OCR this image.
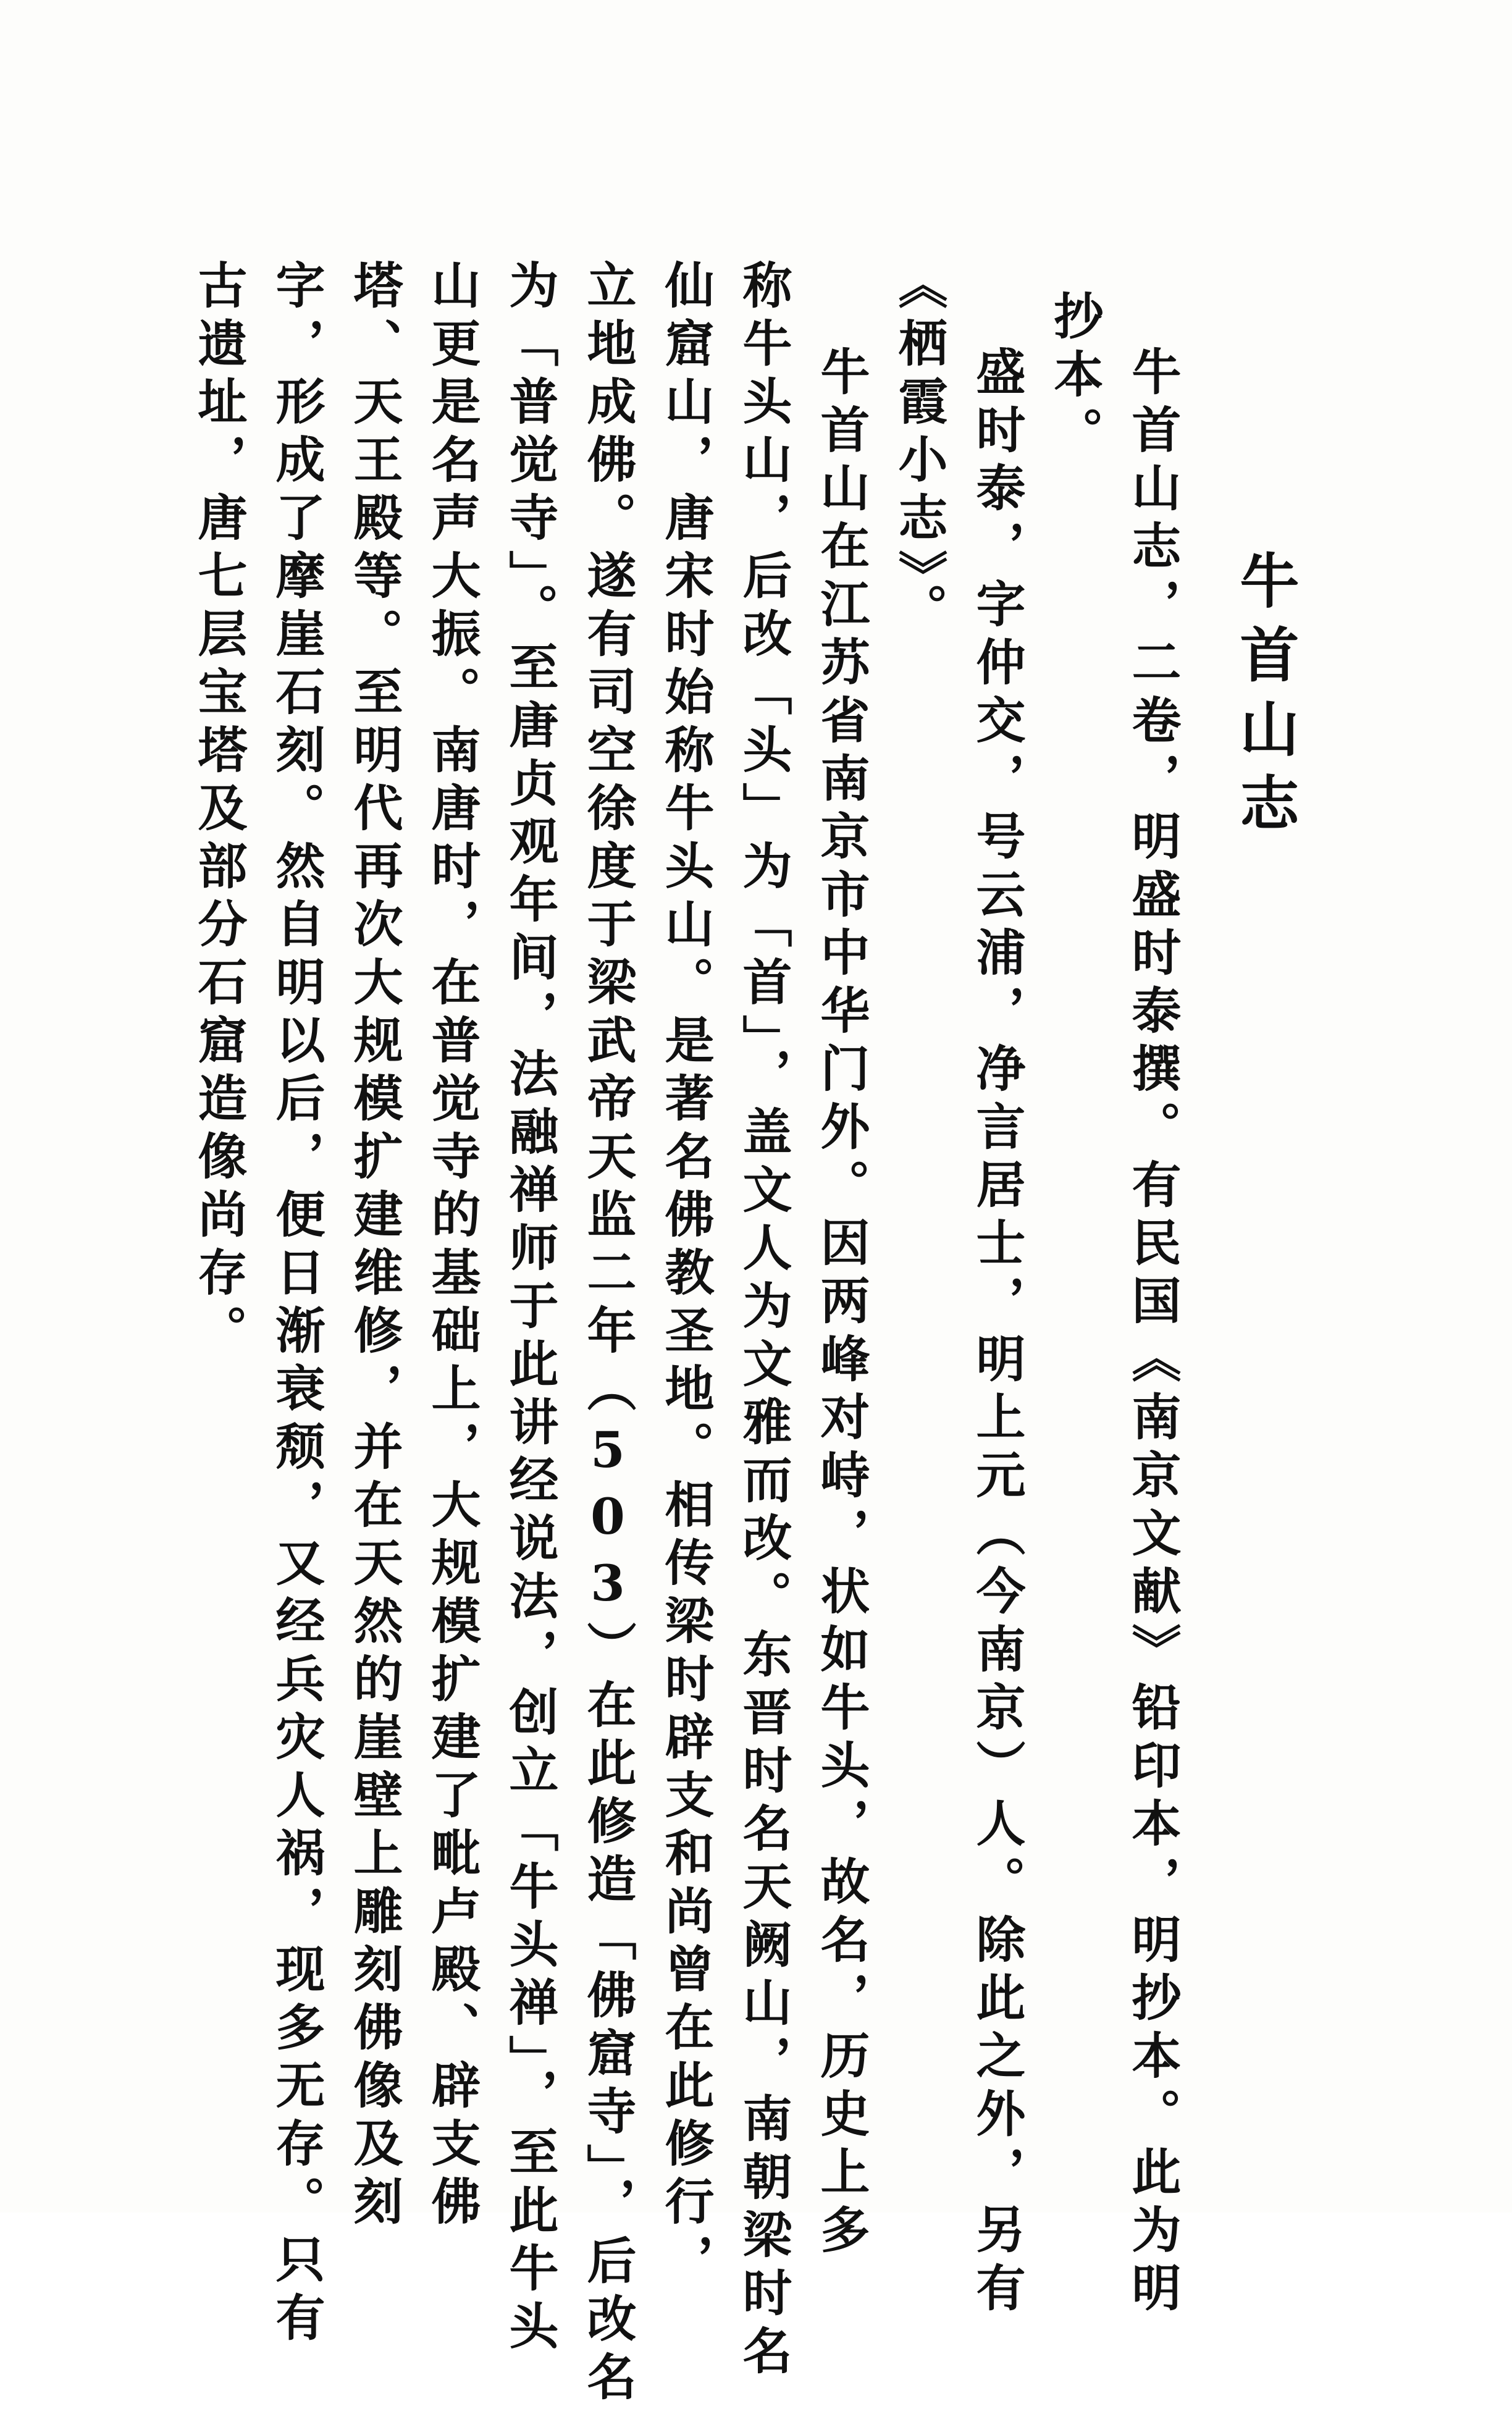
牛首山志
牛首山志，二卷，明盛时泰撰。有民国《南京文献》铅印本，明抄本。此为明
抄本。
盛时泰，字仲交，号云浦，净言居士，明上元（今南京）人。除此之外，另有
《栖霞小志》。
牛首山在江苏省南京市中华门外。因两峰对峙，状如牛头，故名，历史上多
称牛头山，后改「头」为「首」，盖文人为文雅而改。东晋时名天阙山，南朝梁时名
仙窟山，唐宋时始称牛头山。是著名佛教圣地。相传梁时辟支和尚曾在此修行，
立地成佛。遂有司空徐度于梁武帝天监二年（503）在此修造「佛窟寺」，后改名
为「普觉寺」。至唐贞观年间，法融禅师于此讲经说法，创立「牛头禅」，至此牛头
山更是名声大振。南唐时，在普觉寺的基础上，大规模扩建了毗卢殿、辟支佛
塔、天王殿等。至明代再次大规模扩建维修，并在天然的崖壁上雕刻佛像及刻
字，形成了摩崖石刻。然自明以后，便日渐衰颓，又经兵灾人祸，现多无存。只有
古遗址，唐七层宝塔及部分石窟造像尚存。
